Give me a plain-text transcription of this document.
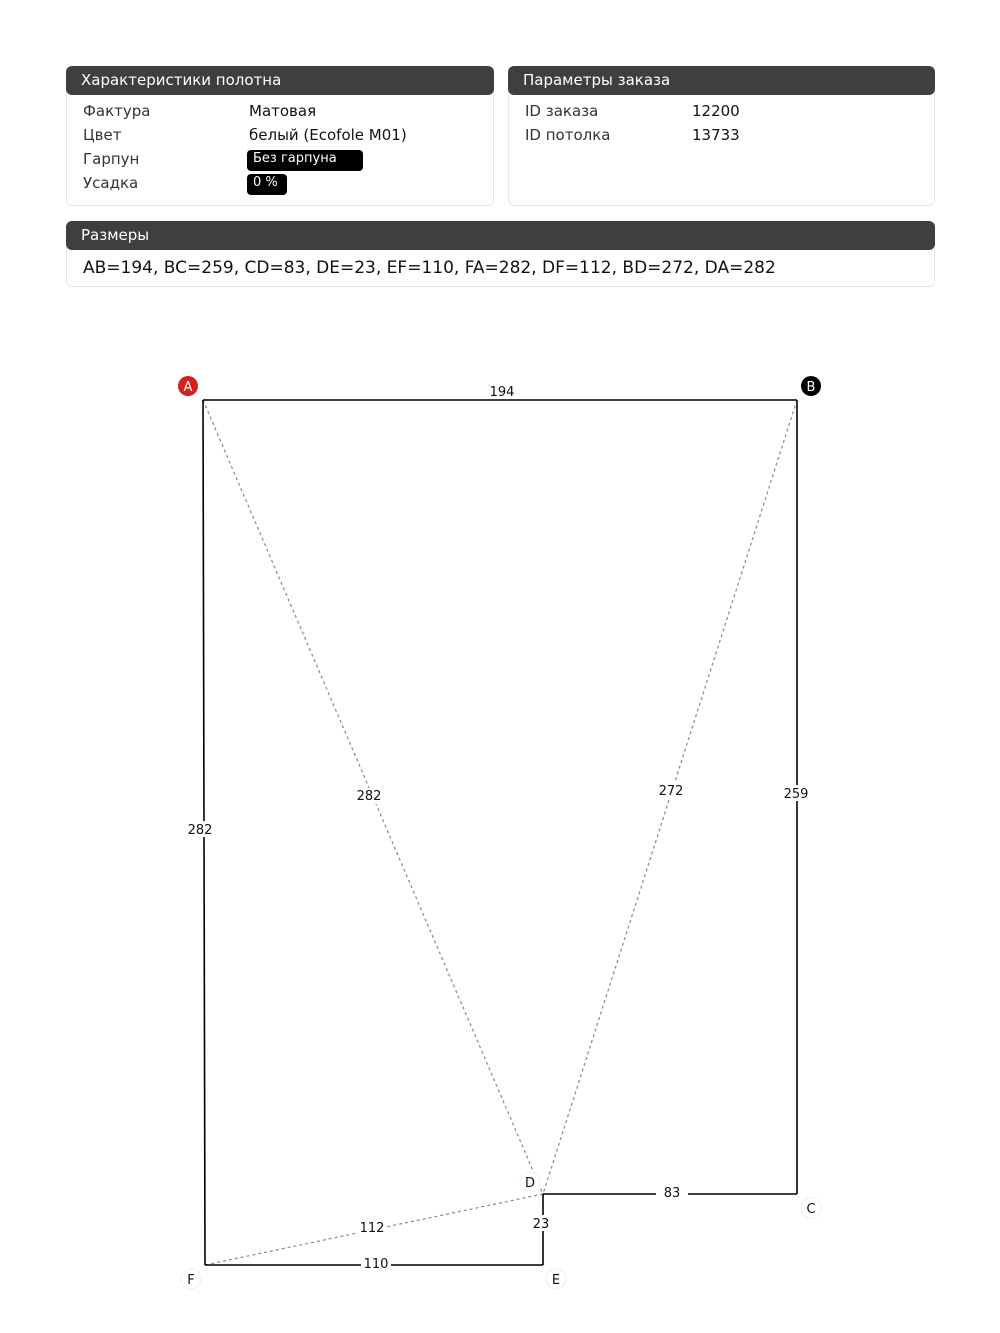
Характеристики полотна
Фактура	Матовая
Цвет	белый (Ecofole M01)
Гарпун	Без гарпуна
Усадка	0 %
Параметры заказа
ID заказа	12200
ID потолка	13733
Размеры
AB=194, BC=259, CD=83, DE=23, EF=110, FA=282, DF=112, BD=272, DA=282
194
259
83
23
110
282
282	272
112
A	B
C
D
E
F
